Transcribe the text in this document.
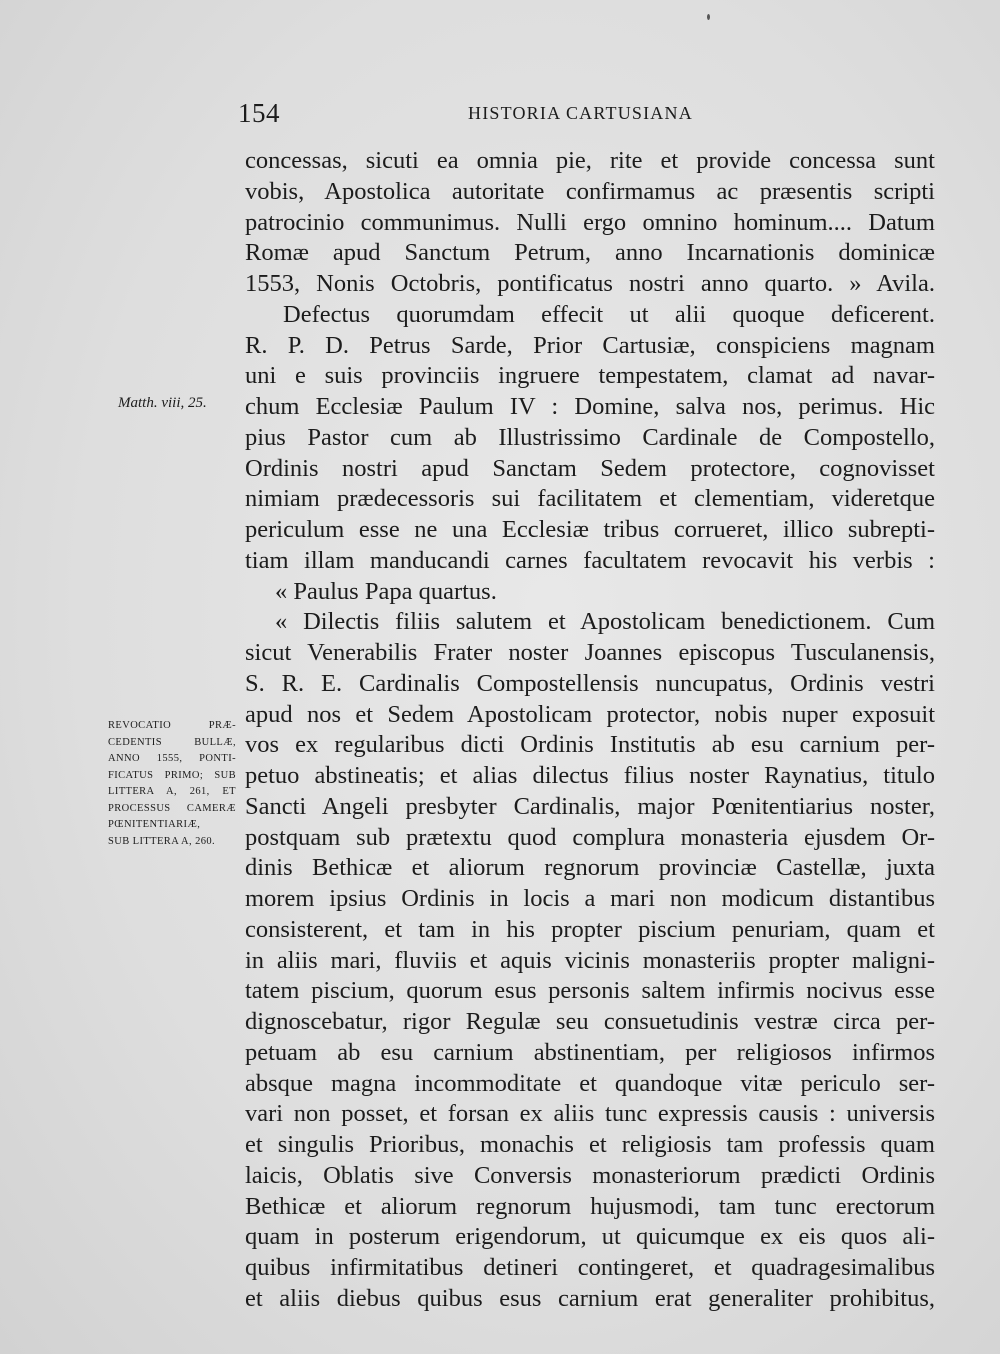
154	HISTORIA CARTUSIANA
Matth. viii, 25.
REVOCATIO PRÆ-
CEDENTIS BULLÆ,
ANNO 1555, PONTI-
FICATUS PRIMO; SUB
LITTERA A, 261, ET
PROCESSUS CAMERÆ
PŒNITENTIARIÆ,
SUB LITTERA A, 260.
concessas, sicuti ea omnia pie, rite et provide concessa sunt
vobis, Apostolica autoritate confirmamus ac præsentis scripti
patrocinio communimus. Nulli ergo omnino hominum.... Datum
Romæ apud Sanctum Petrum, anno Incarnationis dominicæ
1553, Nonis Octobris, pontificatus nostri anno quarto. » Avila.
Defectus quorumdam effecit ut alii quoque deficerent.
R. P. D. Petrus Sarde, Prior Cartusiæ, conspiciens magnam
uni e suis provinciis ingruere tempestatem, clamat ad navar-
chum Ecclesiæ Paulum IV : Domine, salva nos, perimus. Hic
pius Pastor cum ab Illustrissimo Cardinale de Compostello,
Ordinis nostri apud Sanctam Sedem protectore, cognovisset
nimiam prædecessoris sui facilitatem et clementiam, videretque
periculum esse ne una Ecclesiæ tribus corrueret, illico subrepti-
tiam illam manducandi carnes facultatem revocavit his verbis :
« Paulus Papa quartus.
« Dilectis filiis salutem et Apostolicam benedictionem. Cum
sicut Venerabilis Frater noster Joannes episcopus Tusculanensis,
S. R. E. Cardinalis Compostellensis nuncupatus, Ordinis vestri
apud nos et Sedem Apostolicam protector, nobis nuper exposuit
vos ex regularibus dicti Ordinis Institutis ab esu carnium per-
petuo abstineatis; et alias dilectus filius noster Raynatius, titulo
Sancti Angeli presbyter Cardinalis, major Pœnitentiarius noster,
postquam sub prætextu quod complura monasteria ejusdem Or-
dinis Bethicæ et aliorum regnorum provinciæ Castellæ, juxta
morem ipsius Ordinis in locis a mari non modicum distantibus
consisterent, et tam in his propter piscium penuriam, quam et
in aliis mari, fluviis et aquis vicinis monasteriis propter maligni-
tatem piscium, quorum esus personis saltem infirmis nocivus esse
dignoscebatur, rigor Regulæ seu consuetudinis vestræ circa per-
petuam ab esu carnium abstinentiam, per religiosos infirmos
absque magna incommoditate et quandoque vitæ periculo ser-
vari non posset, et forsan ex aliis tunc expressis causis : universis
et singulis Prioribus, monachis et religiosis tam professis quam
laicis, Oblatis sive Conversis monasteriorum prædicti Ordinis
Bethicæ et aliorum regnorum hujusmodi, tam tunc erectorum
quam in posterum erigendorum, ut quicumque ex eis quos ali-
quibus infirmitatibus detineri contingeret, et quadragesimalibus
et aliis diebus quibus esus carnium erat generaliter prohibitus,
